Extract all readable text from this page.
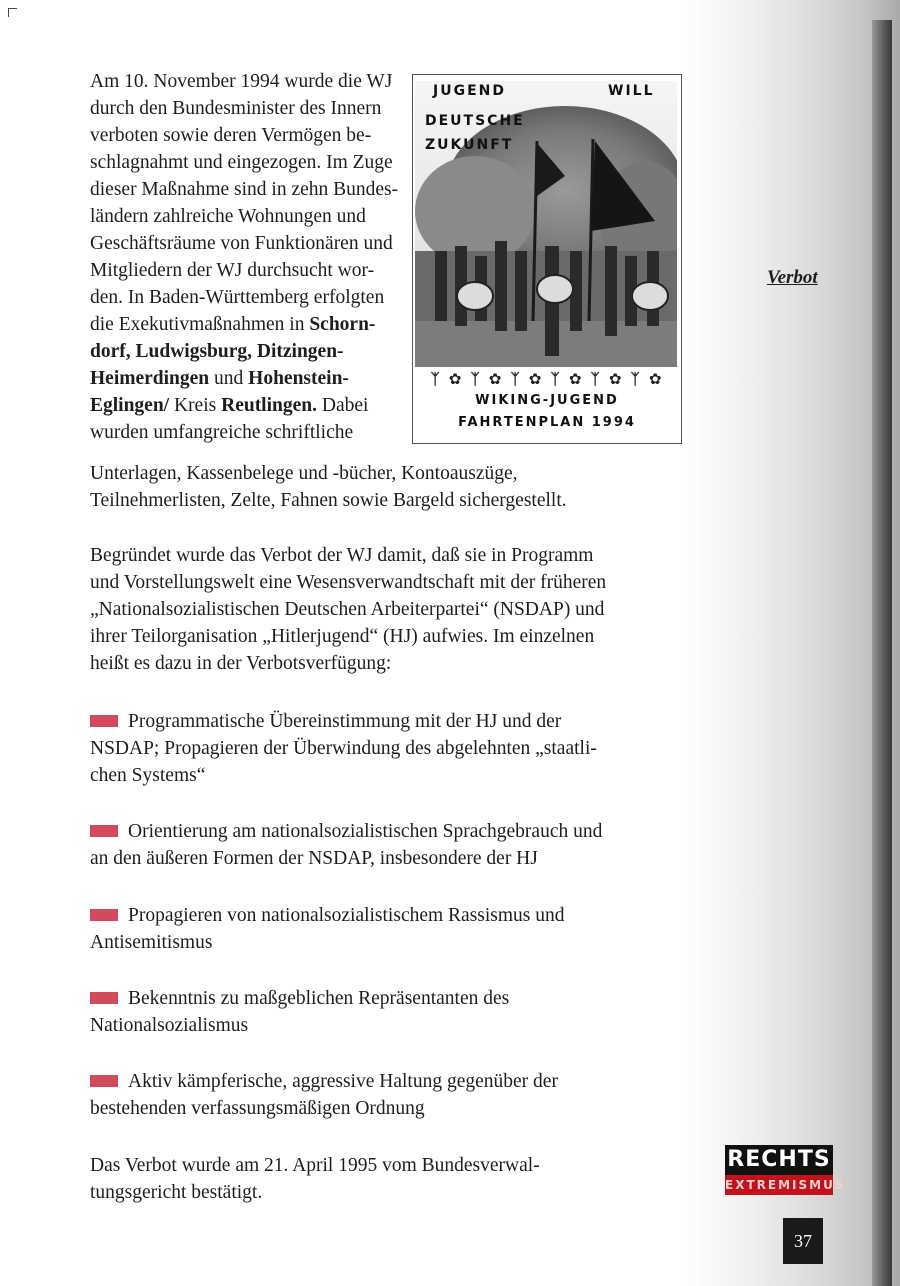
Am 10. November 1994 wurde die WJ
durch den Bundesminister des Innern
verboten sowie deren Vermögen be-
schlagnahmt und eingezogen. Im Zuge
dieser Maßnahme sind in zehn Bundes-
ländern zahlreiche Wohnungen und
Geschäftsräume von Funktionären und
Mitgliedern der WJ durchsucht wor-
den. In Baden-Württemberg erfolgten
die Exekutivmaßnahmen in Schorn-
dorf, Ludwigsburg, Ditzingen-
Heimerdingen und Hohenstein-
Eglingen/ Kreis Reutlingen. Dabei
wurden umfangreiche schriftliche
Unterlagen, Kassenbelege und -bücher, Kontoauszüge,
Teilnehmerlisten, Zelte, Fahnen sowie Bargeld sichergestellt.
JUGEND	WILL
DEUTSCHE
ZUKUNFT
ᛉ ✿ ᛉ ✿ ᛉ ✿ ᛉ ✿ ᛉ ✿ ᛉ ✿
WIKING-JUGEND
FAHRTENPLAN 1994
Begründet wurde das Verbot der WJ damit, daß sie in Programm
und Vorstellungswelt eine Wesensverwandtschaft mit der früheren
„Nationalsozialistischen Deutschen Arbeiterpartei“ (NSDAP) und
ihrer Teilorganisation „Hitlerjugend“ (HJ) aufwies. Im einzelnen
heißt es dazu in der Verbotsverfügung:
Programmatische Übereinstimmung mit der HJ und der
NSDAP; Propagieren der Überwindung des abgelehnten „staatli-
chen Systems“
Orientierung am nationalsozialistischen Sprachgebrauch und
an den äußeren Formen der NSDAP, insbesondere der HJ
Propagieren von nationalsozialistischem Rassismus und
Antisemitismus
Bekenntnis zu maßgeblichen Repräsentanten des
Nationalsozialismus
Aktiv kämpferische, aggressive Haltung gegenüber der
bestehenden verfassungsmäßigen Ordnung
Das Verbot wurde am 21. April 1995 vom Bundesverwal-
tungsgericht bestätigt.
Verbot
RECHTS
EXTREMISMUS
37
